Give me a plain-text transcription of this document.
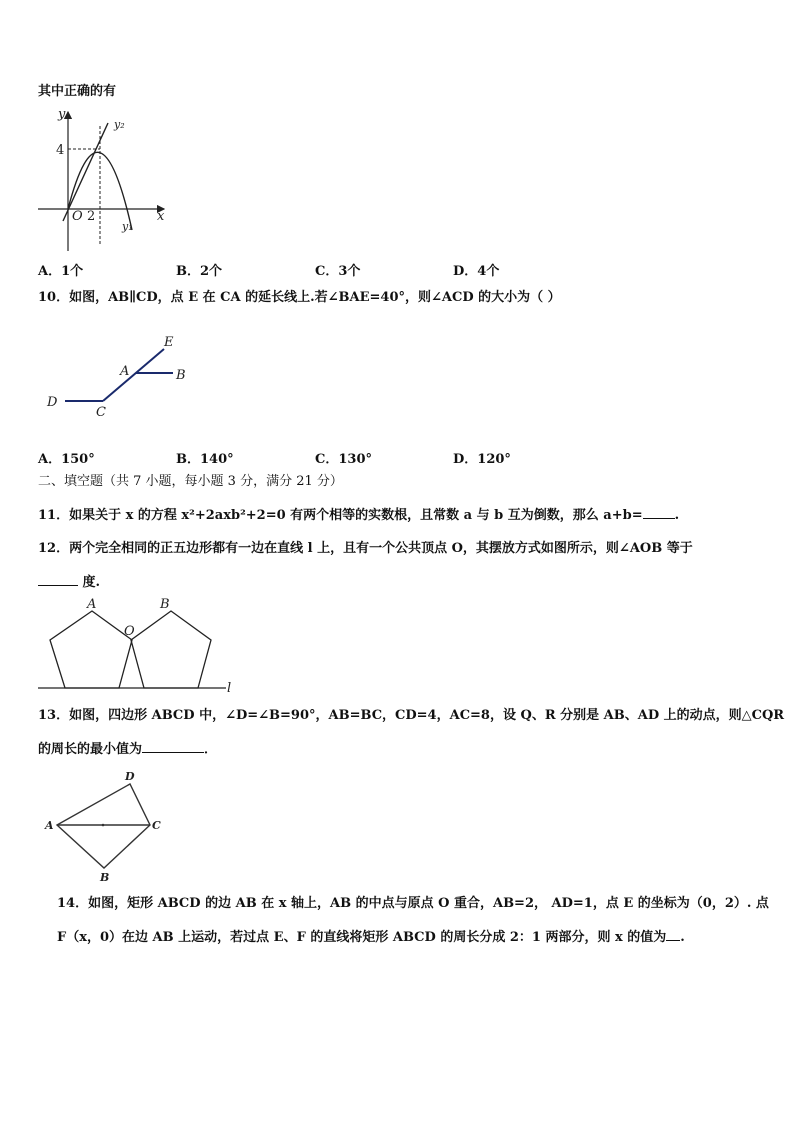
其中正确的有
y
y₂
4
O 2	x
y₁
A．1个	B．2个	C．3个	D．4个
10．如图，AB∥CD，点 E 在 CA 的延长线上.若∠BAE=40°，则∠ACD 的大小为（ ）
E
A	B
D
C
A．150°	B．140°	C．130°	D．120°
二、填空题（共 7 小题，每小题 3 分，满分 21 分）
11．如果关于 x 的方程 x²+2axb²+2=0 有两个相等的实数根，且常数 a 与 b 互为倒数，那么 a+b= .
12．两个完全相同的正五边形都有一边在直线 l 上，且有一个公共顶点 O，其摆放方式如图所示，则∠AOB 等于
度.
A
O
B
l
13．如图，四边形 ABCD 中，∠D=∠B=90°，AB=BC，CD=4，AC=8，设 Q、R 分别是 AB、AD 上的动点，则△CQR
的周长的最小值为	．
D
A	C
B
14．如图，矩形 ABCD 的边 AB 在 x 轴上，AB 的中点与原点 O 重合，AB=2， AD=1，点 E 的坐标为（0，2）. 点
F（x，0）在边 AB 上运动，若过点 E、F 的直线将矩形 ABCD 的周长分成 2：1 两部分，则 x 的值为 .
